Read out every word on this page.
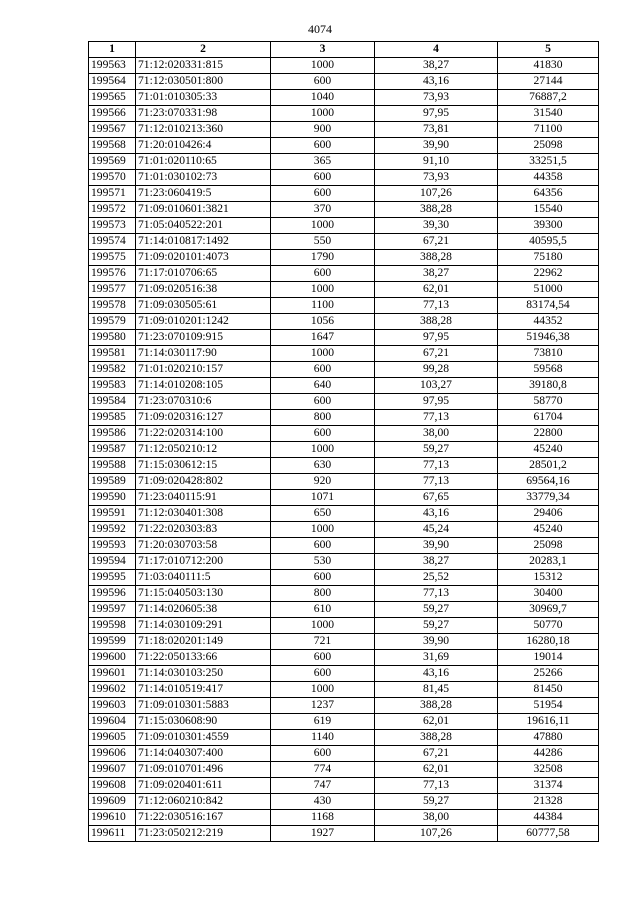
4074
1	2	3	4	5
199563	71:12:020331:815	1000	38,27	41830
199564	71:12:030501:800	600	43,16	27144
199565	71:01:010305:33	1040	73,93	76887,2
199566	71:23:070331:98	1000	97,95	31540
199567	71:12:010213:360	900	73,81	71100
199568	71:20:010426:4	600	39,90	25098
199569	71:01:020110:65	365	91,10	33251,5
199570	71:01:030102:73	600	73,93	44358
199571	71:23:060419:5	600	107,26	64356
199572	71:09:010601:3821	370	388,28	15540
199573	71:05:040522:201	1000	39,30	39300
199574	71:14:010817:1492	550	67,21	40595,5
199575	71:09:020101:4073	1790	388,28	75180
199576	71:17:010706:65	600	38,27	22962
199577	71:09:020516:38	1000	62,01	51000
199578	71:09:030505:61	1100	77,13	83174,54
199579	71:09:010201:1242	1056	388,28	44352
199580	71:23:070109:915	1647	97,95	51946,38
199581	71:14:030117:90	1000	67,21	73810
199582	71:01:020210:157	600	99,28	59568
199583	71:14:010208:105	640	103,27	39180,8
199584	71:23:070310:6	600	97,95	58770
199585	71:09:020316:127	800	77,13	61704
199586	71:22:020314:100	600	38,00	22800
199587	71:12:050210:12	1000	59,27	45240
199588	71:15:030612:15	630	77,13	28501,2
199589	71:09:020428:802	920	77,13	69564,16
199590	71:23:040115:91	1071	67,65	33779,34
199591	71:12:030401:308	650	43,16	29406
199592	71:22:020303:83	1000	45,24	45240
199593	71:20:030703:58	600	39,90	25098
199594	71:17:010712:200	530	38,27	20283,1
199595	71:03:040111:5	600	25,52	15312
199596	71:15:040503:130	800	77,13	30400
199597	71:14:020605:38	610	59,27	30969,7
199598	71:14:030109:291	1000	59,27	50770
199599	71:18:020201:149	721	39,90	16280,18
199600	71:22:050133:66	600	31,69	19014
199601	71:14:030103:250	600	43,16	25266
199602	71:14:010519:417	1000	81,45	81450
199603	71:09:010301:5883	1237	388,28	51954
199604	71:15:030608:90	619	62,01	19616,11
199605	71:09:010301:4559	1140	388,28	47880
199606	71:14:040307:400	600	67,21	44286
199607	71:09:010701:496	774	62,01	32508
199608	71:09:020401:611	747	77,13	31374
199609	71:12:060210:842	430	59,27	21328
199610	71:22:030516:167	1168	38,00	44384
199611	71:23:050212:219	1927	107,26	60777,58
